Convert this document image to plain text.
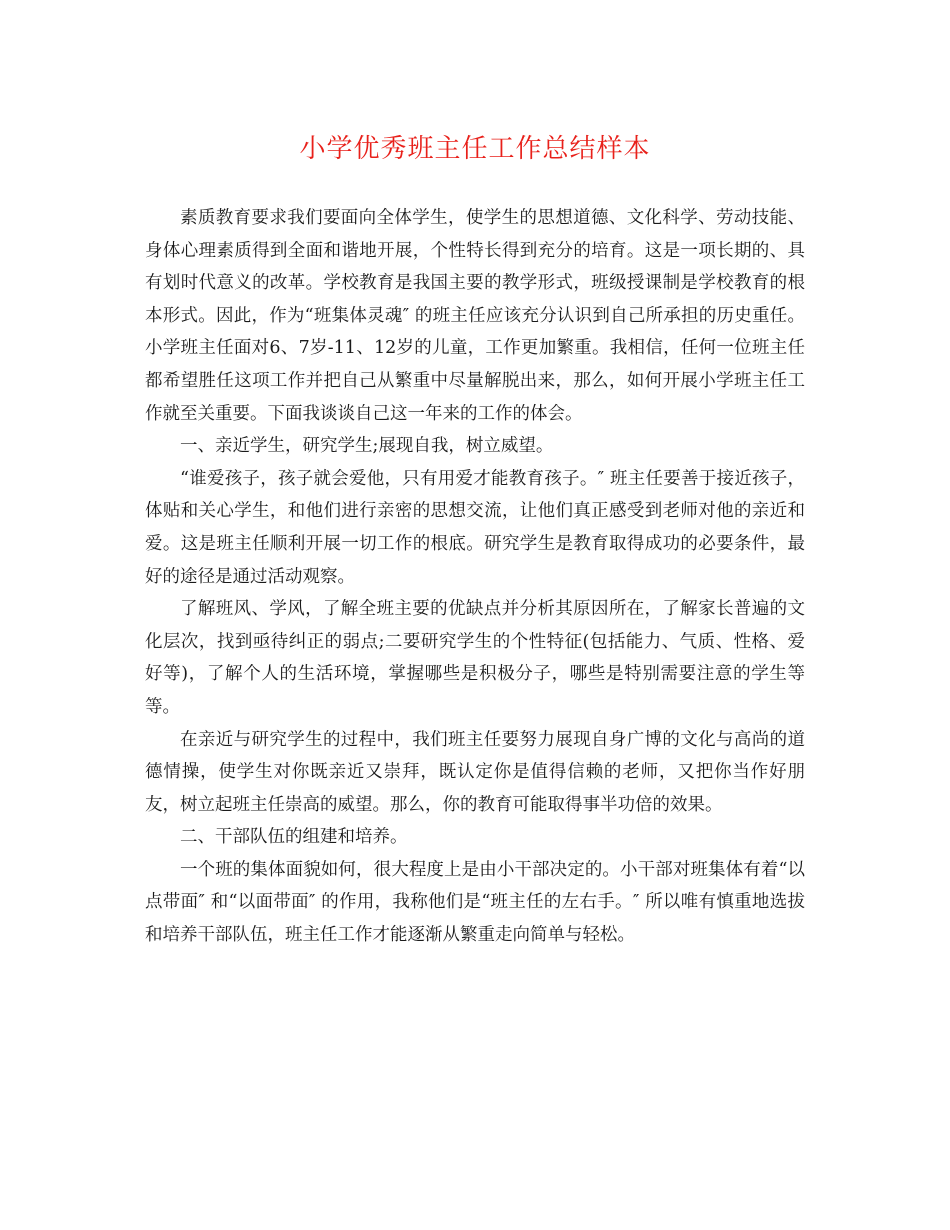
小学优秀班主任工作总结样本

素质教育要求我们要面向全体学生，使学生的思想道德、文化科学、劳动技能、身体心理素质得到全面和谐地开展，个性特长得到充分的培育。这是一项长期的、具有划时代意义的改革。学校教育是我国主要的教学形式，班级授课制是学校教育的根本形式。因此，作为“班集体灵魂″ 的班主任应该充分认识到自己所承担的历史重任。小学班主任面对6、7岁-11、12岁的儿童，工作更加繁重。我相信，任何一位班主任都希望胜任这项工作并把自己从繁重中尽量解脱出来，那么，如何开展小学班主任工作就至关重要。下面我谈谈自己这一年来的工作的体会。

一、亲近学生，研究学生;展现自我，树立威望。

“谁爱孩子，孩子就会爱他，只有用爱才能教育孩子。″ 班主任要善于接近孩子，体贴和关心学生，和他们进行亲密的思想交流，让他们真正感受到老师对他的亲近和爱。这是班主任顺利开展一切工作的根底。研究学生是教育取得成功的必要条件，最好的途径是通过活动观察。

了解班风、学风，了解全班主要的优缺点并分析其原因所在，了解家长普遍的文化层次，找到亟待纠正的弱点;二要研究学生的个性特征(包括能力、气质、性格、爱好等)，了解个人的生活环境，掌握哪些是积极分子，哪些是特别需要注意的学生等等。

在亲近与研究学生的过程中，我们班主任要努力展现自身广博的文化与高尚的道德情操，使学生对你既亲近又崇拜，既认定你是值得信赖的老师，又把你当作好朋友，树立起班主任崇高的威望。那么，你的教育可能取得事半功倍的效果。

二、干部队伍的组建和培养。

一个班的集体面貌如何，很大程度上是由小干部决定的。小干部对班集体有着“以点带面″ 和“以面带面″ 的作用，我称他们是“班主任的左右手。″ 所以唯有慎重地选拔和培养干部队伍，班主任工作才能逐渐从繁重走向简单与轻松。
